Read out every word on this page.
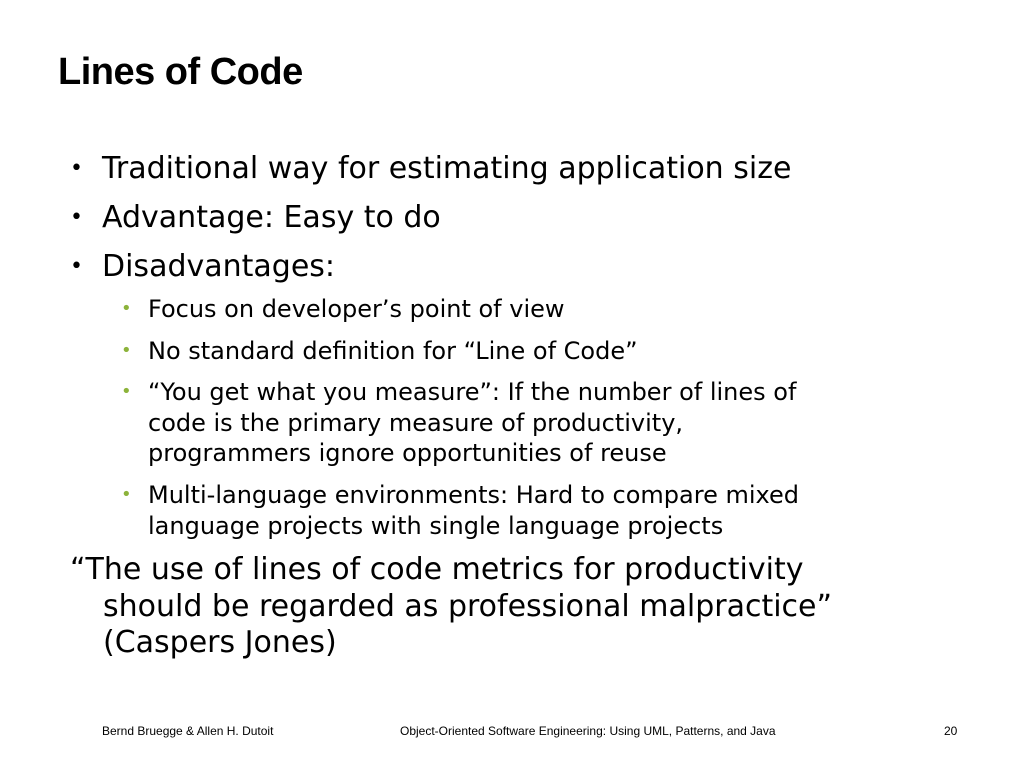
Lines of Code
• Traditional way for estimating application size
• Advantage: Easy to do
• Disadvantages:
• Focus on developer’s point of view
• No standard definition for “Line of Code”
• “You get what you measure”: If the number of lines of
code is the primary measure of productivity,
programmers ignore opportunities of reuse
• Multi-language environments: Hard to compare mixed
language projects with single language projects
“The use of lines of code metrics for productivity
should be regarded as professional malpractice”
(Caspers Jones)
Bernd Bruegge & Allen H. Dutoit	Object-Oriented Software Engineering: Using UML, Patterns, and Java	20
